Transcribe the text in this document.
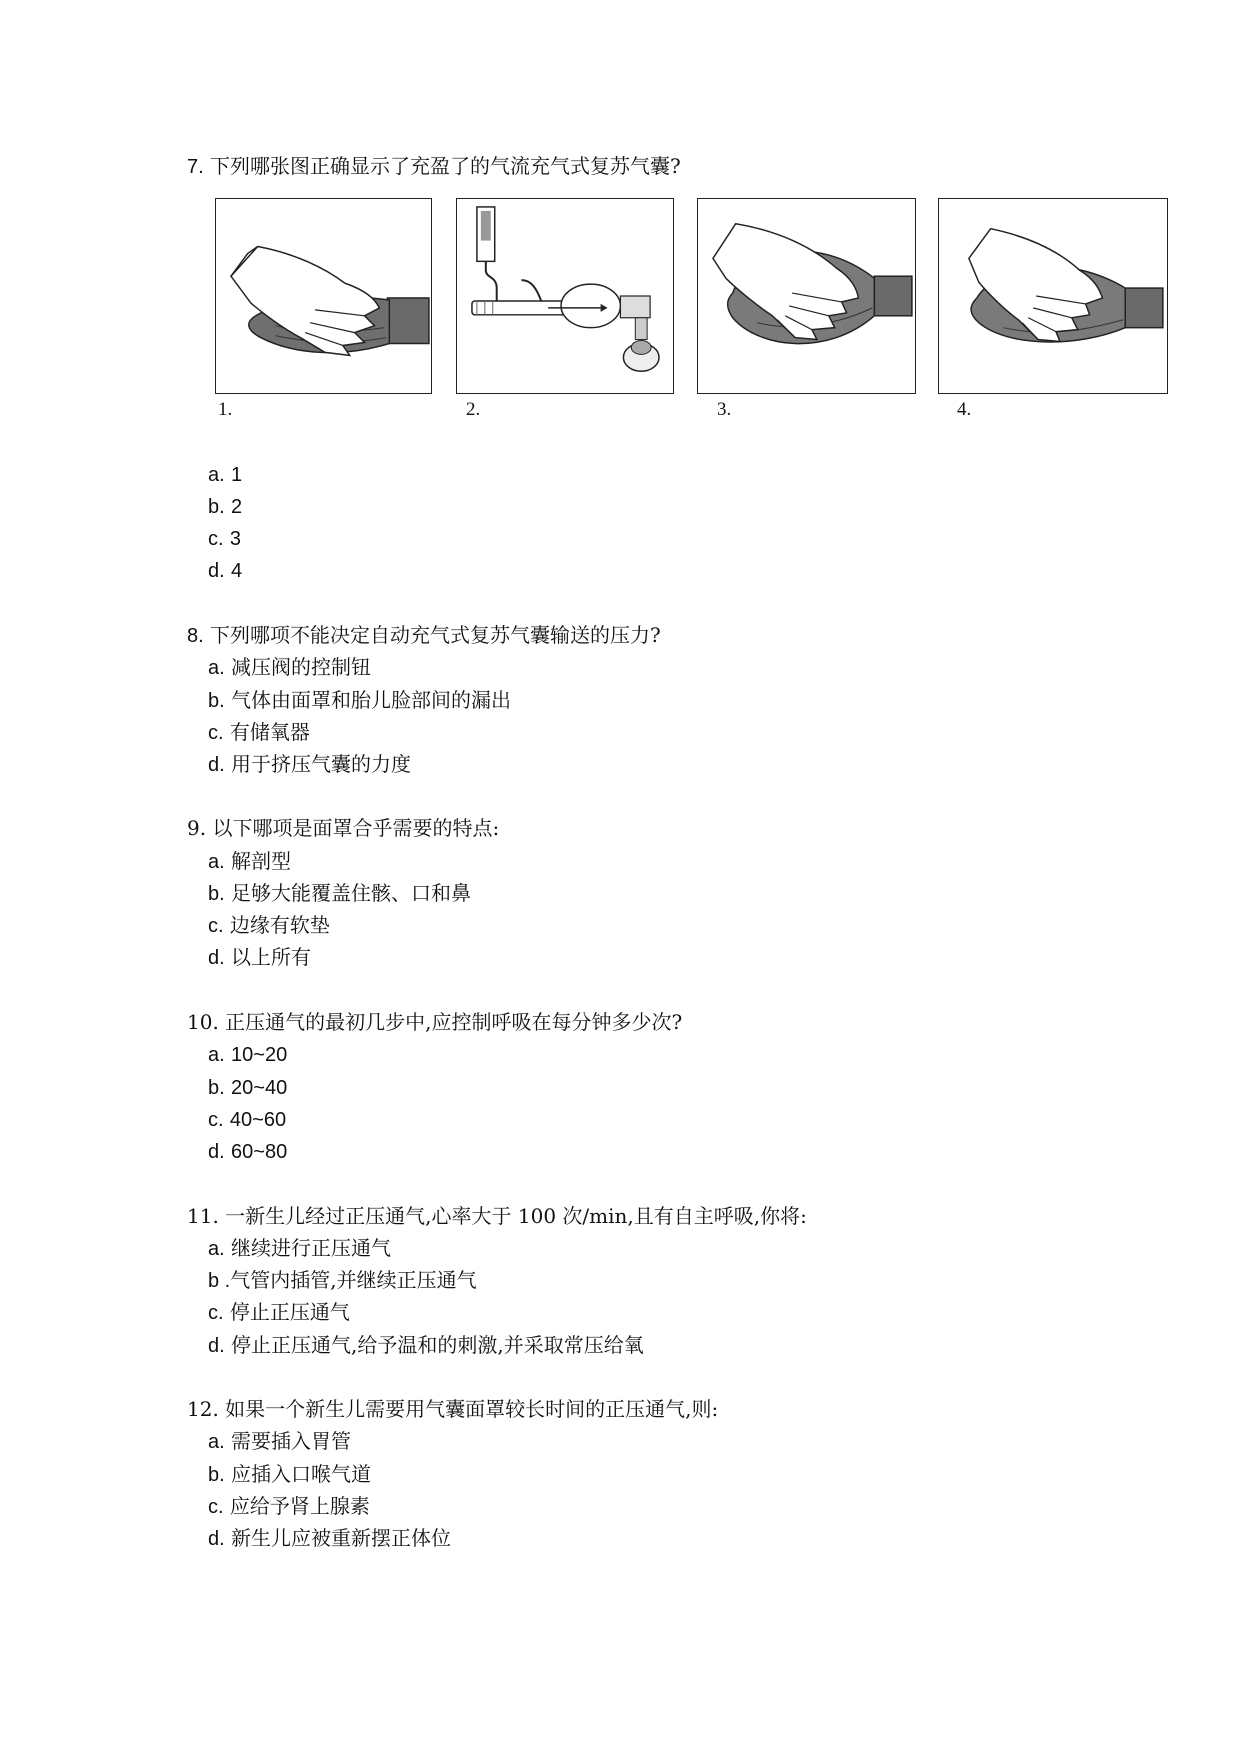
7. 下列哪张图正确显示了充盈了的气流充气式复苏气囊?
1.	2.	3.	4.
a. 1
b. 2
c. 3
d. 4
8. 下列哪项不能决定自动充气式复苏气囊输送的压力?
a. 减压阀的控制钮
b. 气体由面罩和胎儿脸部间的漏出
c. 有储氧器
d. 用于挤压气囊的力度
9. 以下哪项是面罩合乎需要的特点:
a. 解剖型
b. 足够大能覆盖住骸、口和鼻
c. 边缘有软垫
d. 以上所有
10. 正压通气的最初几步中,应控制呼吸在每分钟多少次?
a. 10~20
b. 20~40
c. 40~60
d. 60~80
11. 一新生儿经过正压通气,心率大于 100 次/min,且有自主呼吸,你将:
a. 继续进行正压通气
b .气管内插管,并继续正压通气
c. 停止正压通气
d. 停止正压通气,给予温和的刺激,并采取常压给氧
12. 如果一个新生儿需要用气囊面罩较长时间的正压通气,则:
a. 需要插入胃管
b. 应插入口喉气道
c. 应给予肾上腺素
d. 新生儿应被重新摆正体位
